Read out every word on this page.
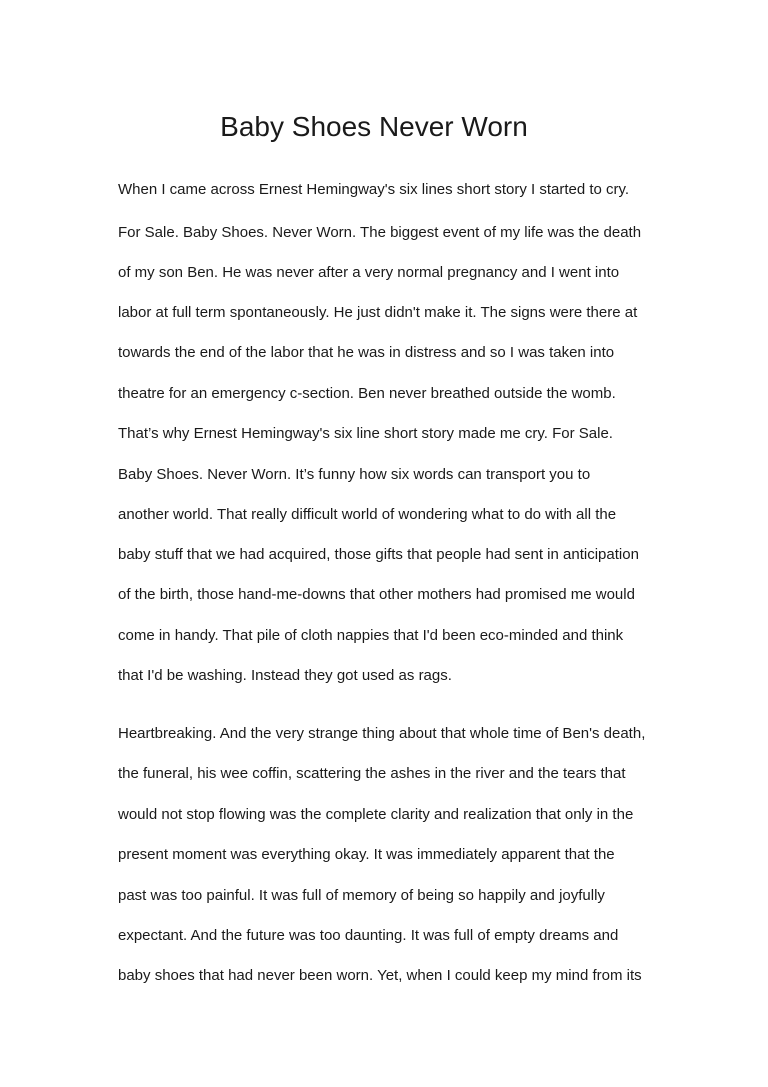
Baby Shoes Never Worn

When I came across Ernest Hemingway's six lines short story I started to cry.

For Sale. Baby Shoes. Never Worn. The biggest event of my life was the death

of my son Ben. He was never after a very normal pregnancy and I went into

labor at full term spontaneously. He just didn't make it. The signs were there at

towards the end of the labor that he was in distress and so I was taken into

theatre for an emergency c-section. Ben never breathed outside the womb.

That’s why Ernest Hemingway's six line short story made me cry. For Sale.

Baby Shoes. Never Worn. It’s funny how six words can transport you to

another world. That really difficult world of wondering what to do with all the

baby stuff that we had acquired, those gifts that people had sent in anticipation

of the birth, those hand-me-downs that other mothers had promised me would

come in handy. That pile of cloth nappies that I'd been eco-minded and think

that I'd be washing. Instead they got used as rags.

Heartbreaking. And the very strange thing about that whole time of Ben's death,

the funeral, his wee coffin, scattering the ashes in the river and the tears that

would not stop flowing was the complete clarity and realization that only in the

present moment was everything okay. It was immediately apparent that the

past was too painful. It was full of memory of being so happily and joyfully

expectant. And the future was too daunting. It was full of empty dreams and

baby shoes that had never been worn. Yet, when I could keep my mind from its
